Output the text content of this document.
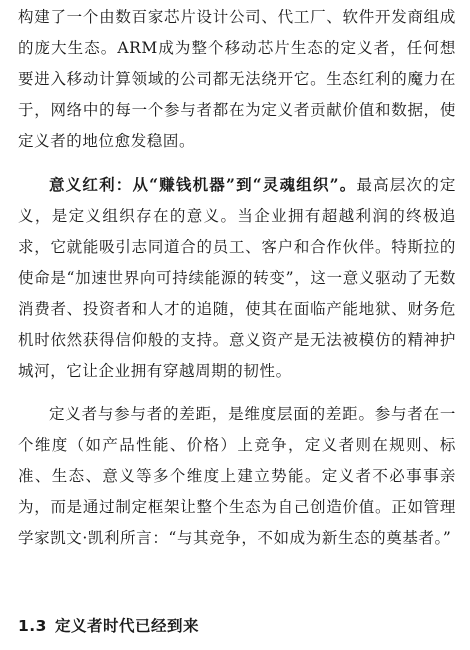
构建了一个由数百家芯片设计公司、代工厂、软件开发商组成的庞大生态。ARM成为整个移动芯片生态的定义者，任何想要进入移动计算领域的公司都无法绕开它。生态红利的魔力在于，网络中的每一个参与者都在为定义者贡献价值和数据，使定义者的地位愈发稳固。

意义红利：从“赚钱机器”到“灵魂组织”。最高层次的定义，是定义组织存在的意义。当企业拥有超越利润的终极追求，它就能吸引志同道合的员工、客户和合作伙伴。特斯拉的使命是“加速世界向可持续能源的转变”，这一意义驱动了无数消费者、投资者和人才的追随，使其在面临产能地狱、财务危机时依然获得信仰般的支持。意义资产是无法被模仿的精神护城河，它让企业拥有穿越周期的韧性。

定义者与参与者的差距，是维度层面的差距。参与者在一个维度（如产品性能、价格）上竞争，定义者则在规则、标准、生态、意义等多个维度上建立势能。定义者不必事事亲为，而是通过制定框架让整个生态为自己创造价值。正如管理学家凯文·凯利所言：“与其竞争，不如成为新生态的奠基者。”

1.3 定义者时代已经到来
